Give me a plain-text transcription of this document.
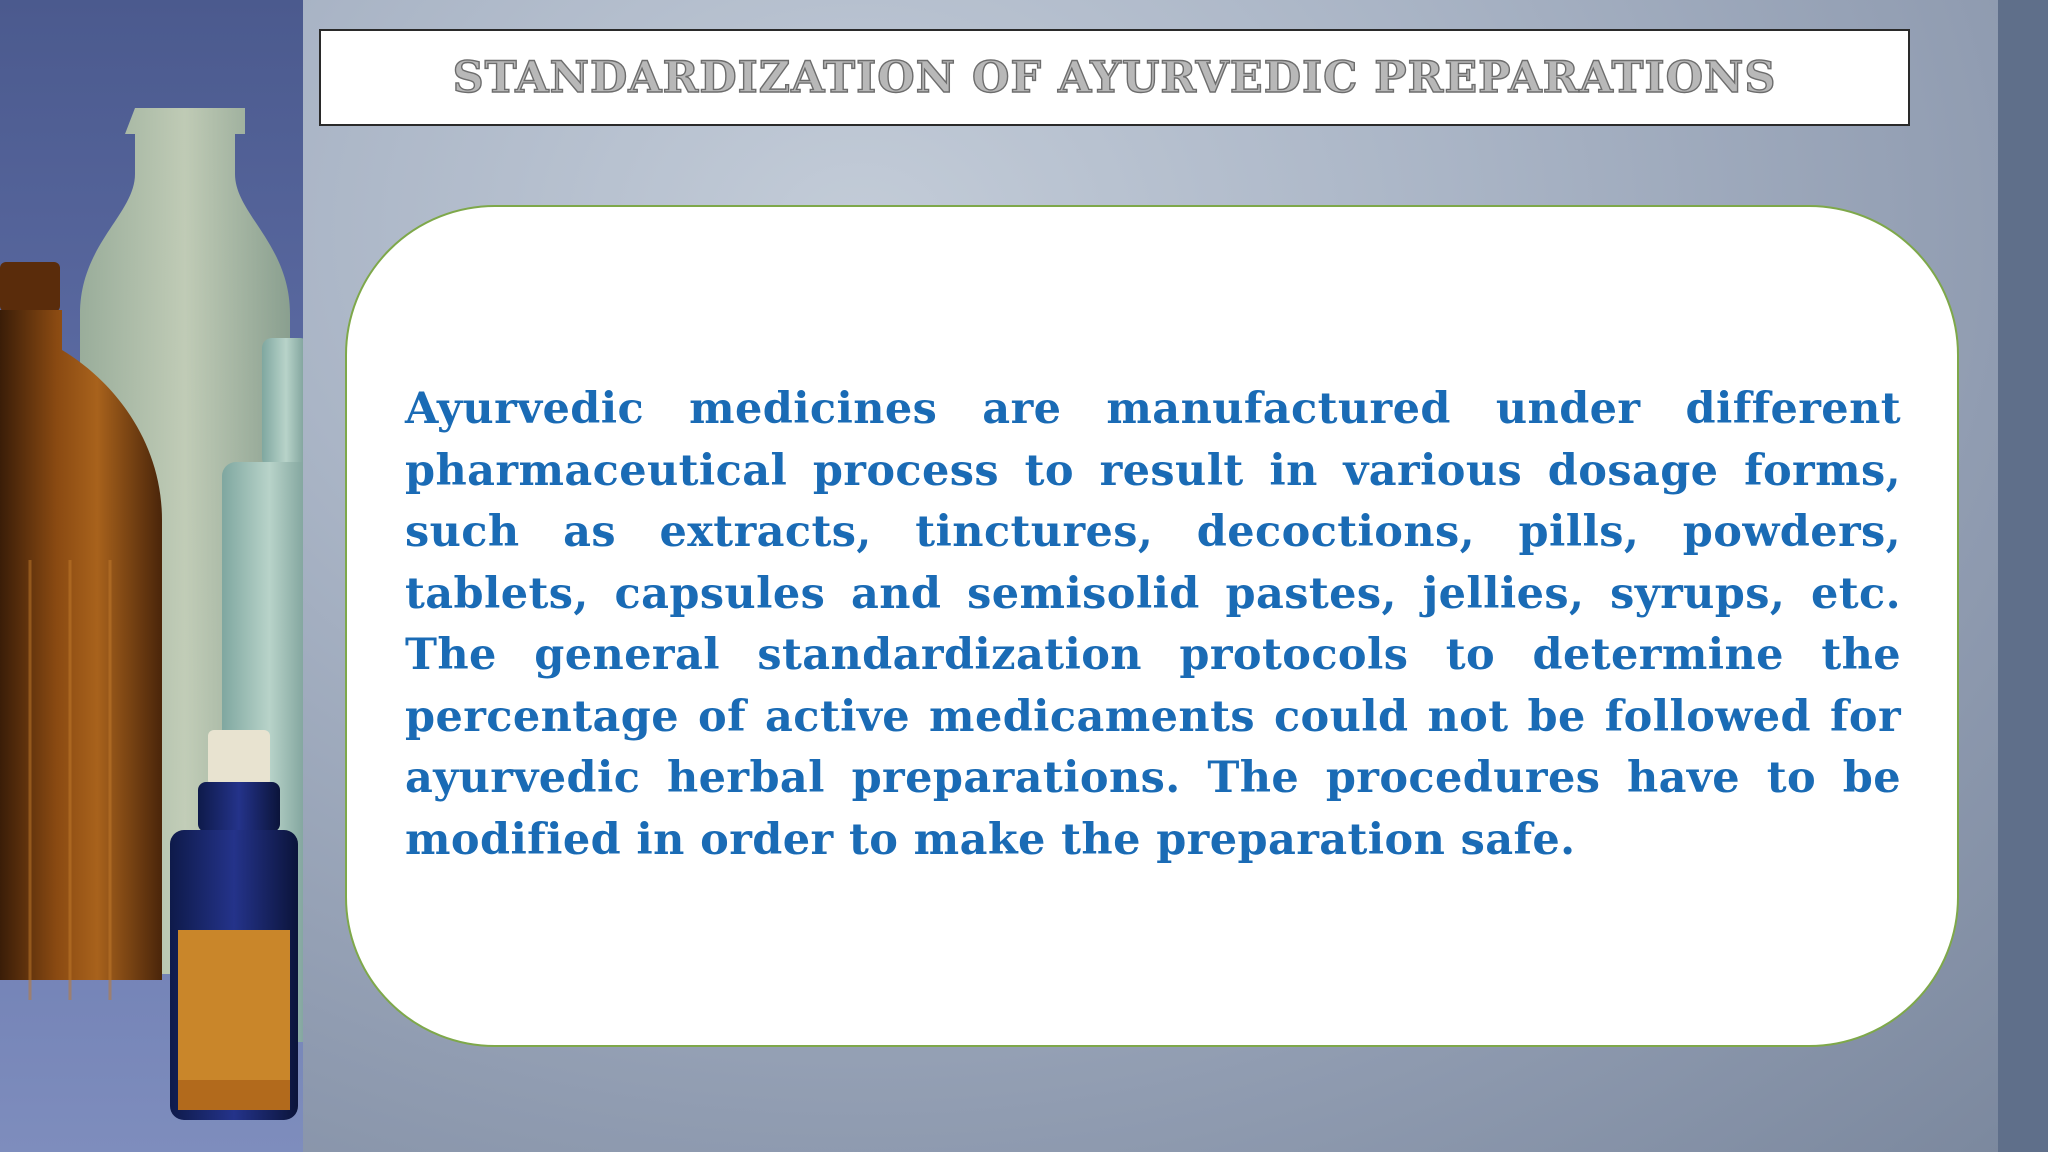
STANDARDIZATION OF AYURVEDIC PREPARATIONS

Ayurvedic medicines are manufactured under different pharmaceutical process to result in various dosage forms, such as extracts, tinctures, decoctions, pills, powders, tablets, capsules and semisolid pastes, jellies, syrups, etc. The general standardization protocols to determine the percentage of active medicaments could not be followed for ayurvedic herbal preparations. The procedures have to be modified in order to make the preparation safe.
